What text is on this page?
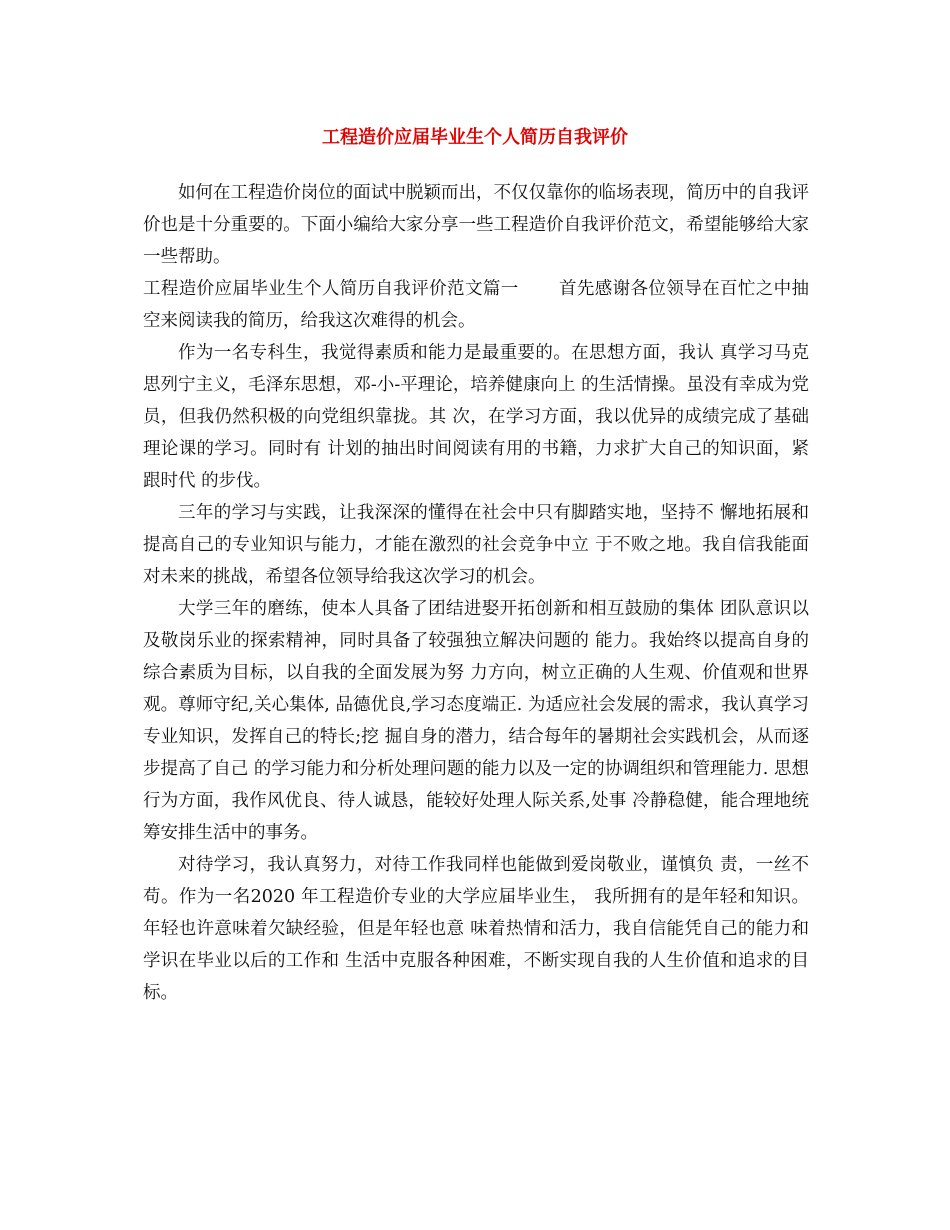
工程造价应届毕业生个人简历自我评价

如何在工程造价岗位的面试中脱颖而出，不仅仅靠你的临场表现，简历中的自我评价也是十分重要的。下面小编给大家分享一些工程造价自我评价范文，希望能够给大家一些帮助。

工程造价应届毕业生个人简历自我评价范文篇一 首先感谢各位领导在百忙之中抽空来阅读我的简历，给我这次难得的机会。

作为一名专科生，我觉得素质和能力是最重要的。在思想方面，我认 真学习马克思列宁主义，毛泽东思想，邓-小-平理论，培养健康向上 的生活情操。虽没有幸成为党员，但我仍然积极的向党组织靠拢。其 次，在学习方面，我以优异的成绩完成了基础理论课的学习。同时有 计划的抽出时间阅读有用的书籍，力求扩大自己的知识面，紧跟时代 的步伐。

三年的学习与实践，让我深深的懂得在社会中只有脚踏实地，坚持不 懈地拓展和提高自己的专业知识与能力，才能在激烈的社会竞争中立 于不败之地。我自信我能面对未来的挑战，希望各位领导给我这次学习的机会。

大学三年的磨练，使本人具备了团结进娶开拓创新和相互鼓励的集体 团队意识以及敬岗乐业的探索精神，同时具备了较强独立解决问题的 能力。我始终以提高自身的综合素质为目标，以自我的全面发展为努 力方向，树立正确的人生观、价值观和世界观。尊师守纪,关心集体, 品德优良,学习态度端正. 为适应社会发展的需求，我认真学习专业知识，发挥自己的特长;挖 掘自身的潜力，结合每年的暑期社会实践机会，从而逐步提高了自己 的学习能力和分析处理问题的能力以及一定的协调组织和管理能力. 思想行为方面，我作风优良、待人诚恳，能较好处理人际关系,处事 冷静稳健，能合理地统筹安排生活中的事务。

对待学习，我认真努力，对待工作我同样也能做到爱岗敬业，谨慎负 责，一丝不苟。作为一名2020 年工程造价专业的大学应届毕业生， 我所拥有的是年轻和知识。年轻也许意味着欠缺经验，但是年轻也意 味着热情和活力，我自信能凭自己的能力和学识在毕业以后的工作和 生活中克服各种困难，不断实现自我的人生价值和追求的目标。
